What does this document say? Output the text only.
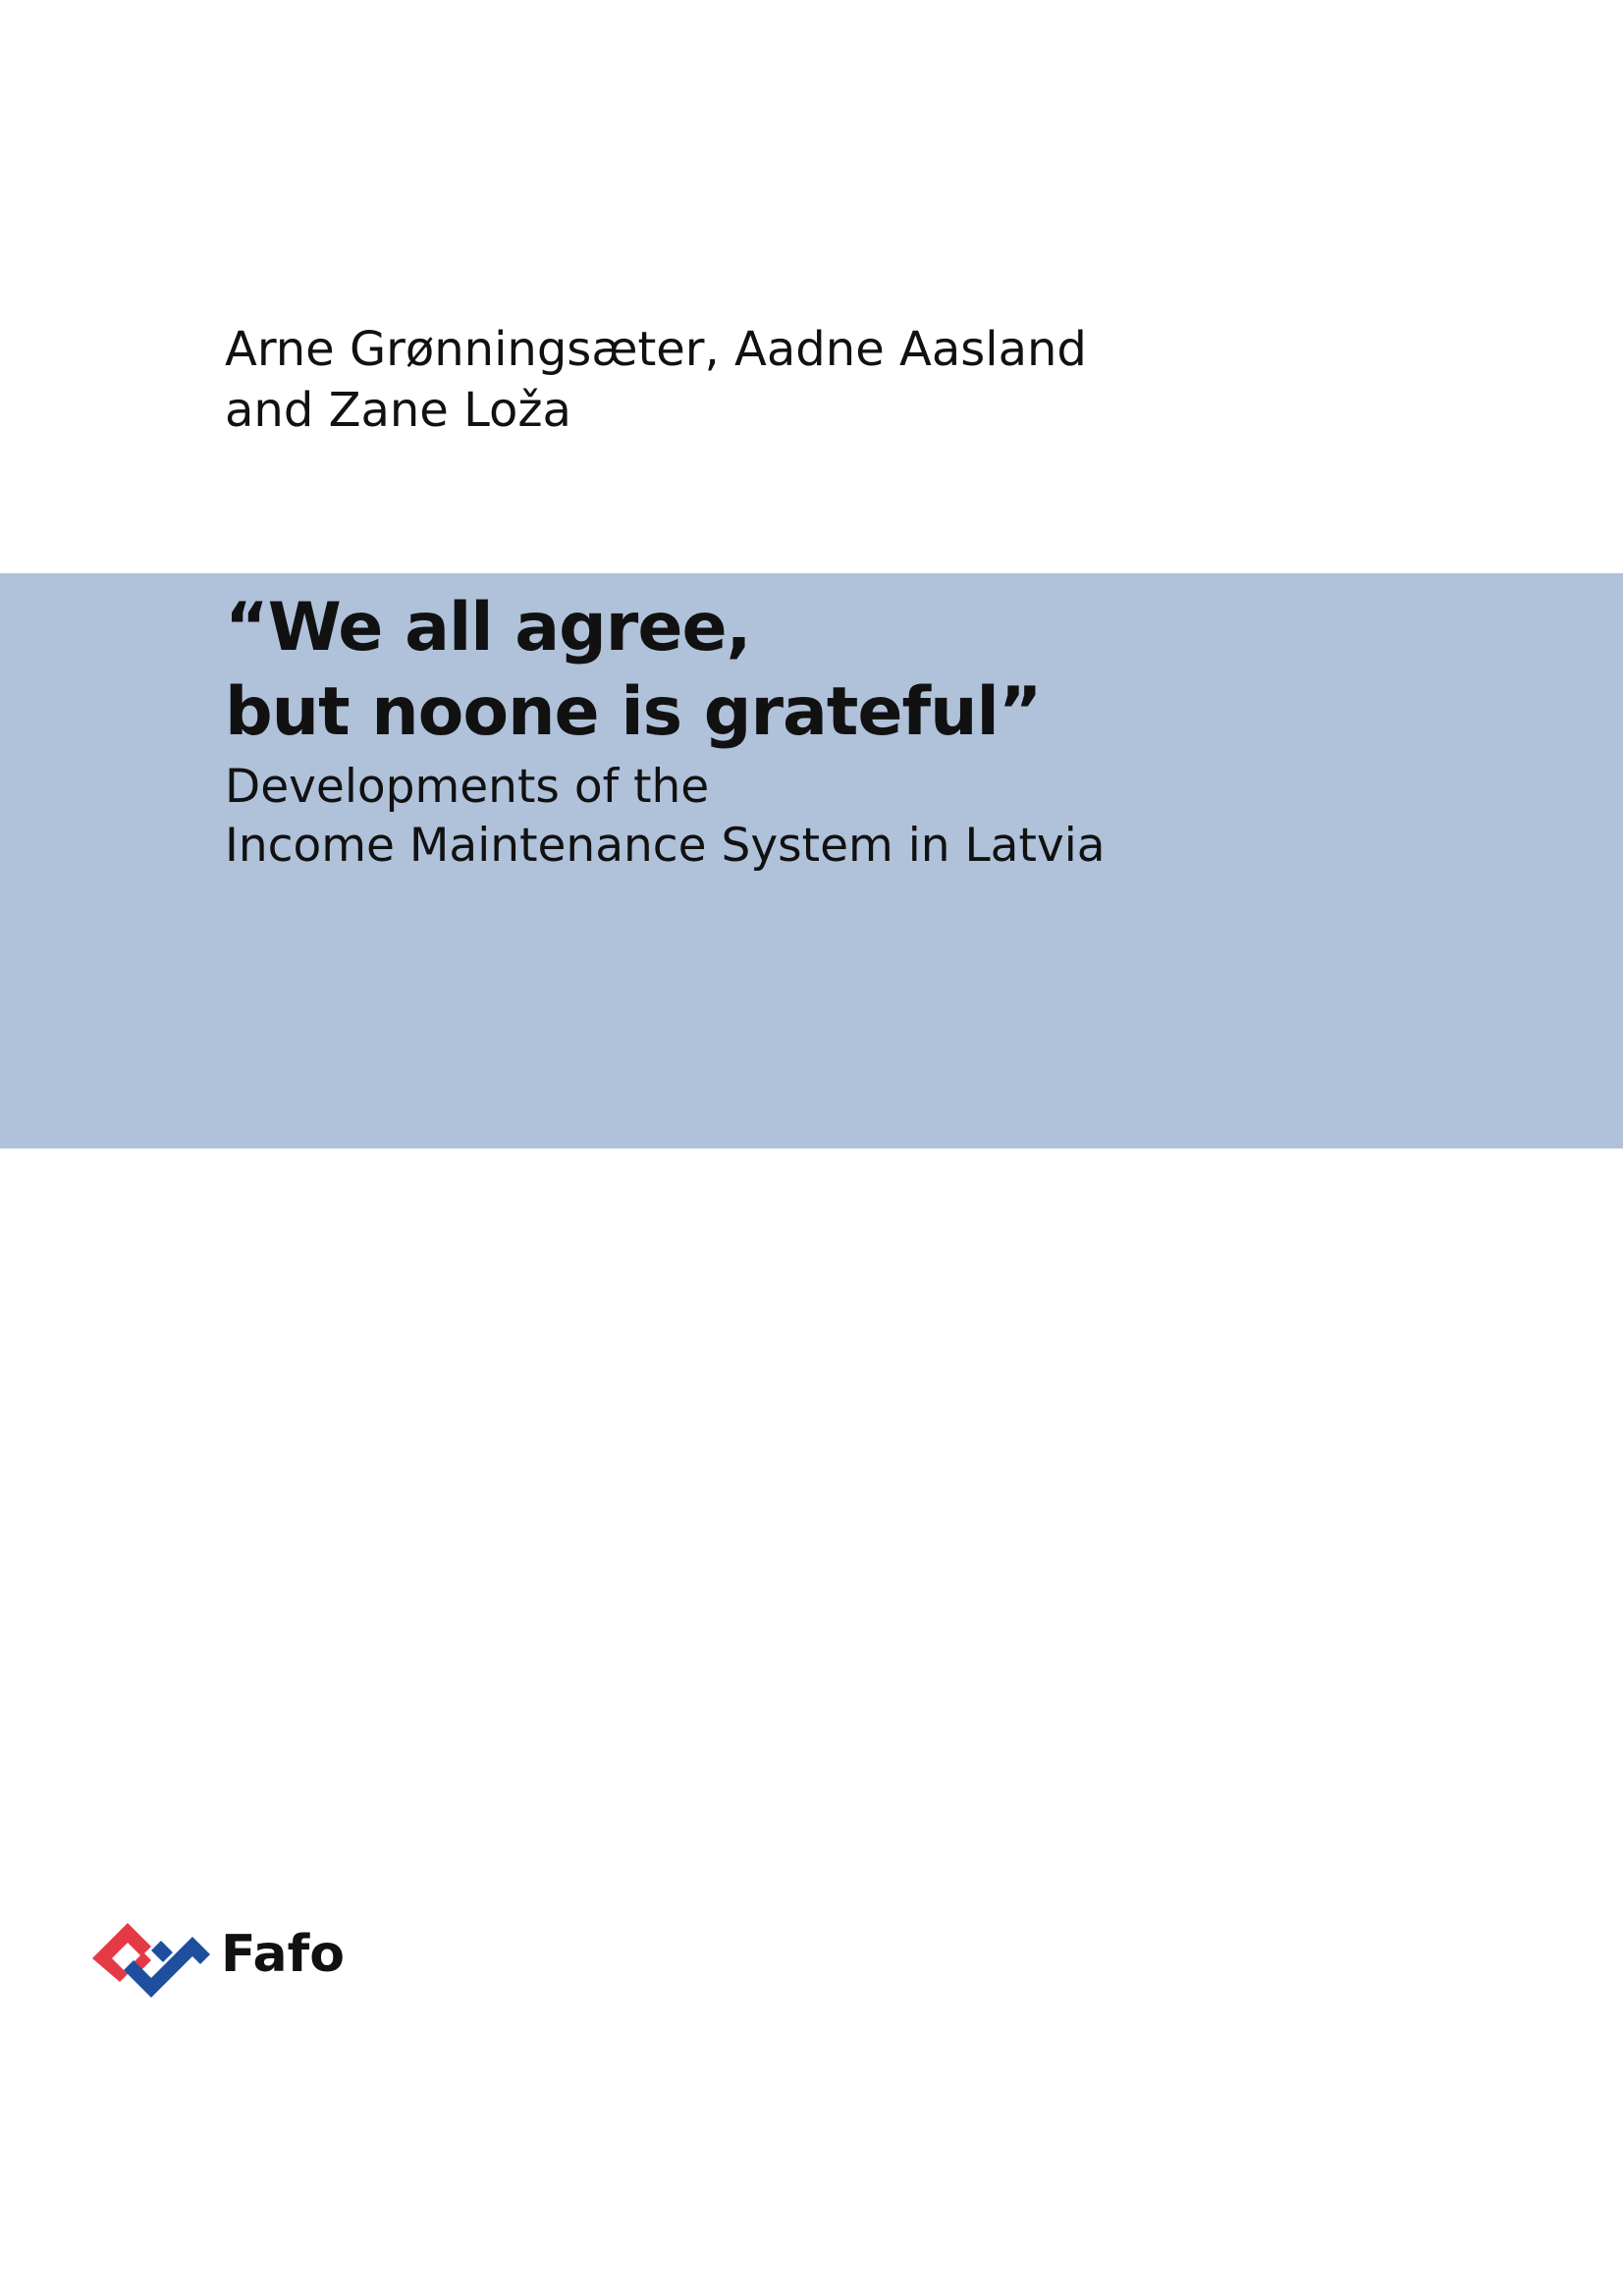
Arne Grønningsæter, Aadne Aasland
and Zane Loža
“We all agree,
but noone is grateful”
Developments of the
Income Maintenance System in Latvia
Fafo
